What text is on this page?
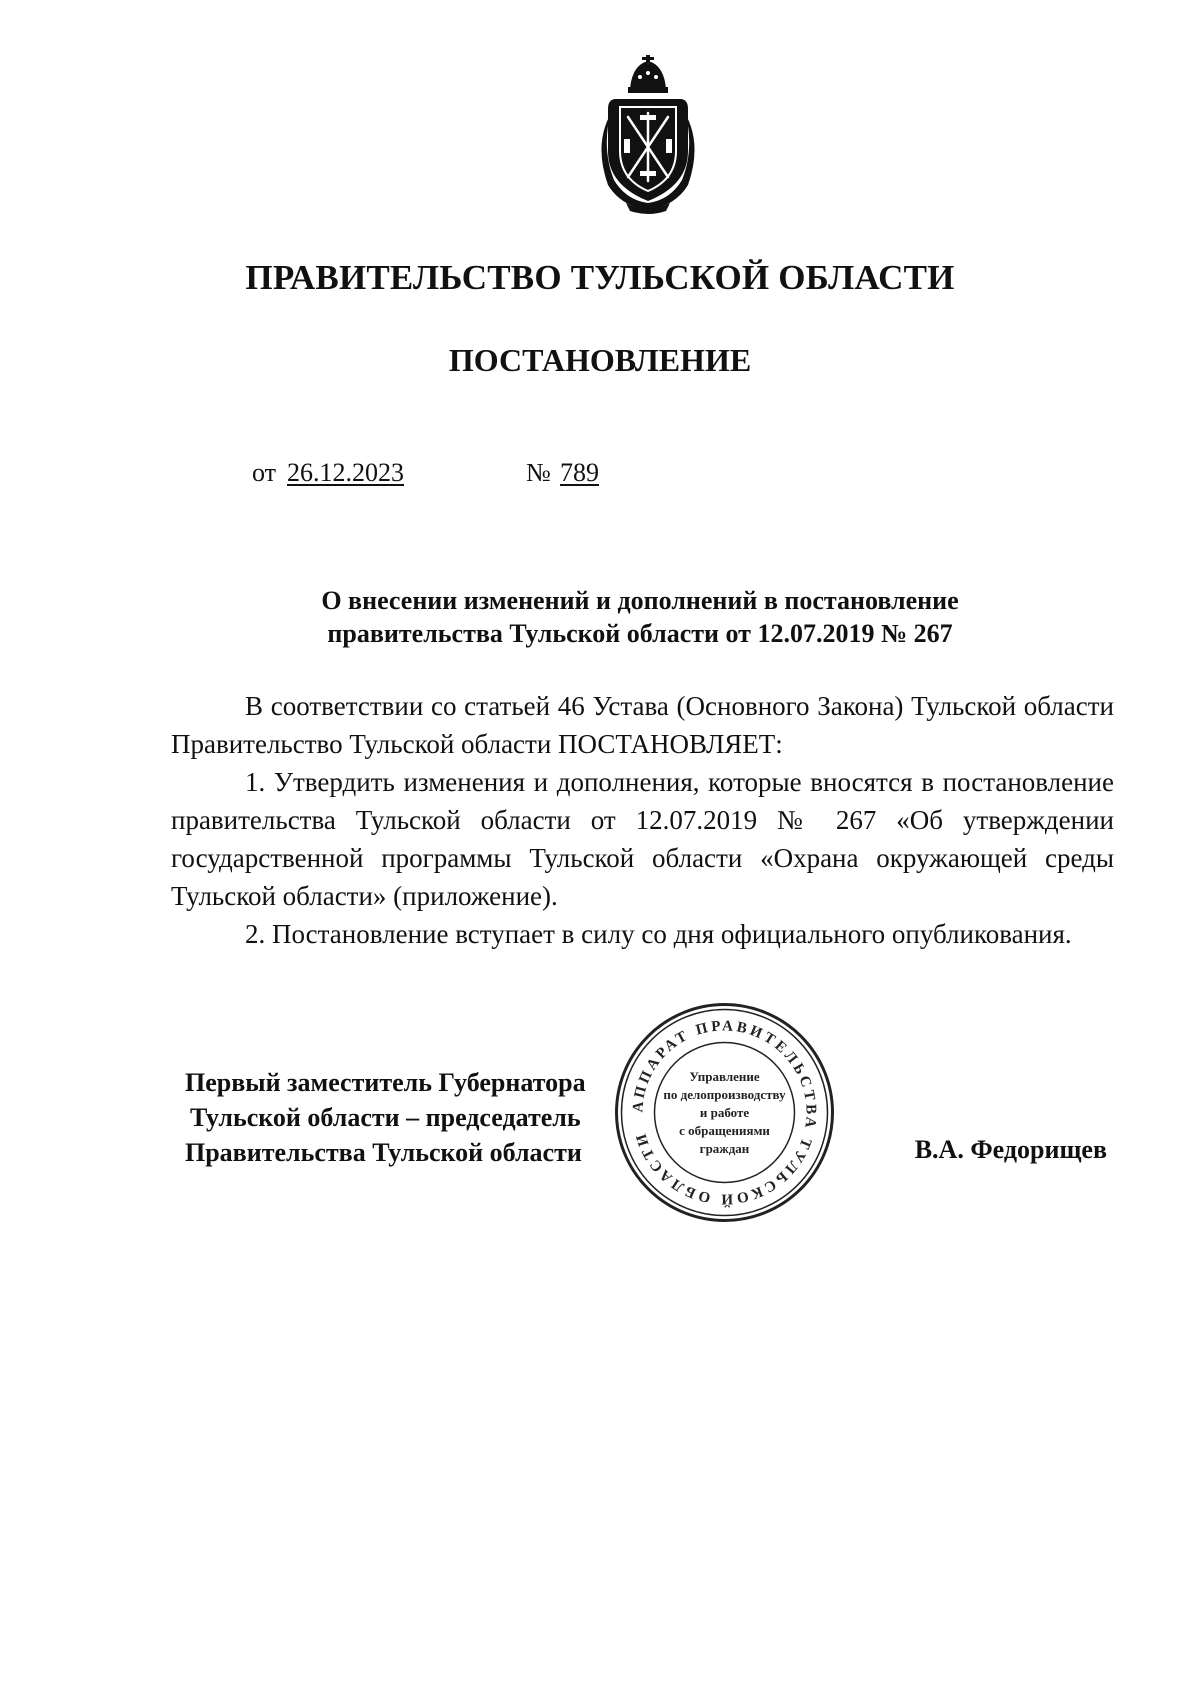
ПРАВИТЕЛЬСТВО ТУЛЬСКОЙ ОБЛАСТИ
ПОСТАНОВЛЕНИЕ
от 26.12.2023	№ 789
О внесении изменений и дополнений в постановление
правительства Тульской области от 12.07.2019 № 267

В соответствии со статьей 46 Устава (Основного Закона) Тульской области Правительство Тульской области ПОСТАНОВЛЯЕТ:

1. Утвердить изменения и дополнения, которые вносятся в постановление правительства Тульской области от 12.07.2019 № 267 «Об утверждении государственной программы Тульской области «Охрана окружающей среды Тульской области» (приложение).

2. Постановление вступает в силу со дня официального опубликования.

Первый заместитель Губернатора
Тульской области – председатель
Правительства Тульской области	В.А. Федорищев
АППАРАТ ПРАВИТЕЛЬСТВА ТУЛЬСКОЙ ОБЛАСТИ
Управление
по делопроизводству
и работе
с обращениями
граждан
